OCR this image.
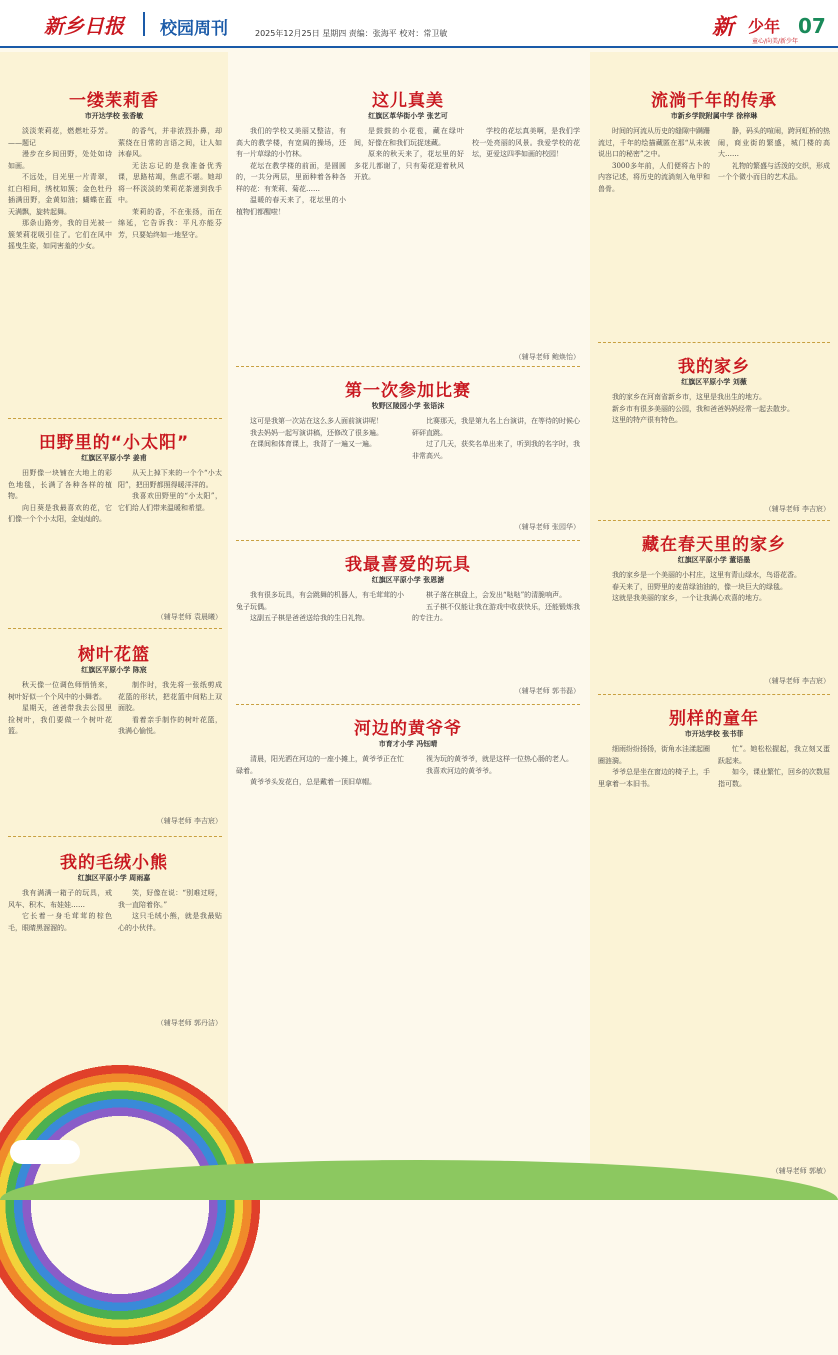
新乡日报 校园周刊	2025年12月25日 星期四 责编：张海平 校对：常卫敏	新 少年
童心/向美/新少年
07
一缕茉莉香
市开达学校 张香敏

淡淡茉莉花，燃燃吐芬芳。——题记

漫步在乡间田野，处处如诗如画。

不远处，目光里一片青翠，红白相间，绣枕如簇；金色牡丹插满田野，金黄如油；蝴蝶在蓝天满飘，旋转起舞。

那条山路旁，我的目光被一簇茉莉花吸引住了。它们在风中摇曳生姿，如同害羞的少女。

的香气，并非浓烈扑鼻，却萦绕在日常的言语之间，让人如沐春风。

无法忘记的是我准备优秀课，思路枯竭，焦虑不堪。她却将一杯淡淡的茉莉花茶递到我手中。

茉莉的香，不在张扬，而在绵延，它告诉我：平凡亦能芬芳，只要始终如一地坚守。

田野里的“小太阳”
红旗区平原小学 姜甫

田野像一块铺在大地上的彩色地毯，长满了各种各样的植物。

向日葵是我最喜欢的花，它们像一个个小太阳，金灿灿的。

从天上掉下来的一个个“小太阳”，把田野都照得暖洋洋的。

我喜欢田野里的“小太阳”，它们给人们带来温暖和希望。

（辅导老师 袁晨曦）
树叶花篮
红旗区平原小学 陈宸

秋天像一位调色师悄悄来，树叶好似一个个风中的小舞者。

星期天，爸爸带我去公园里捡树叶，我们要做一个树叶花篮。

制作时，我先将一张纸剪成花篮的形状，把花篮中间粘上双面胶。

看着亲手制作的树叶花篮，我满心愉悦。

（辅导老师 李吉宸）
我的毛绒小熊
红旗区平原小学 周雨嘉

我有满满一箱子的玩具，戒风车、积木、布娃娃……

它长着一身毛茸茸的棕色毛，眼睛黑溜溜的。

笑，好像在说：“别难过呀，我一直陪着你。”

这只毛绒小熊，就是我最贴心的小伙伴。

（辅导老师 郭丹洁）
这儿真美
红旗区革华街小学 张艺可

我们的学校又美丽又整洁，有高大的教学楼，有宽阔的操场，还有一片草绿的小竹林。

花坛在教学楼的前面，是圆圆的，一共分两层，里面种着各种各样的花：有茉莉、菊花……

温暖的春天来了，花坛里的小植物们都醒啦！

是鼓鼓的小花苞，藏在绿叶间，好像在和我们玩捉迷藏。

原来的秋天来了，花坛里的好多花儿都谢了，只有菊花迎着秋风开放。

学校的花坛真美啊，是我们学校一处亮丽的风景。我爱学校的花坛，更爱这四季如画的校园！

（辅导老师 鲍焕怡）
第一次参加比赛
牧野区陵园小学 张语沫

这可是我第一次站在这么多人面前演讲呢！

我去妈妈一起写演讲稿，还修改了很多遍。

在课间和体育课上，我背了一遍又一遍。

比赛那天，我是第九名上台演讲，在等待的时候心砰砰直跳。

过了几天，获奖名单出来了，听到我的名字时，我非常高兴。

（辅导老师 张园华）
我最喜爱的玩具
红旗区平原小学 张恩溏

我有很多玩具，有会跳舞的机器人，有毛茸茸的小兔子玩偶。

这副五子棋是爸爸送给我的生日礼物。

棋子落在棋盘上，会发出“哒哒”的清脆响声。

五子棋不仅能让我在游戏中收获快乐，还能锻炼我的专注力。

（辅导老师 郭书磊）
河边的黄爷爷
市育才小学 冯钰晴

清晨，阳光洒在河边的一座小摊上，黄爷爷正在忙碌着。

黄爷爷头发花白，总是戴着一顶旧草帽。

视为玩的黄爷爷，就是这样一位热心肠的老人。

我喜欢河边的黄爷爷。

流淌千年的传承
市新乡学院附属中学 徐梓琳

时间的河流从历史的缝隙中蹒跚流过，千年的绘描藏匿在那“从未被说出口的秘密”之中。

3000多年前，人们便将古卜的内容记述，将历史的流淌刻入龟甲和兽骨。

静，码头的喧闹，跨河虹桥的热闹，商业街的繁盛，城门楼的高大……

礼物的繁盛与活泼的交织，形成一个个微小而目的艺术品。

我的家乡
红旗区平原小学 刘薇

我的家乡在河南省新乡市，这里是我出生的地方。

新乡市有很多美丽的公园，我和爸爸妈妈经常一起去散步。

这里的特产很有特色。

（辅导老师 李吉宸）
藏在春天里的家乡
红旗区平原小学 董语墨

我的家乡是一个美丽的小村庄，这里有青山绿水，鸟语花香。

春天来了，田野里的麦苗绿油油的，像一块巨大的绿毯。

这就是我美丽的家乡，一个让我满心欢喜的地方。

（辅导老师 李吉宸）
别样的童年
市开达学校 张书菲

细雨纷纷扬扬，街角水洼漾起圈圈涟漪。

爷爷总是坐在窗边的椅子上，手里拿着一本旧书。

忙”。她松松握起，我立刻又蛋跃起来。

如今，课业繁忙，回乡的次数屈指可数。

（辅导老师 郭敏）
